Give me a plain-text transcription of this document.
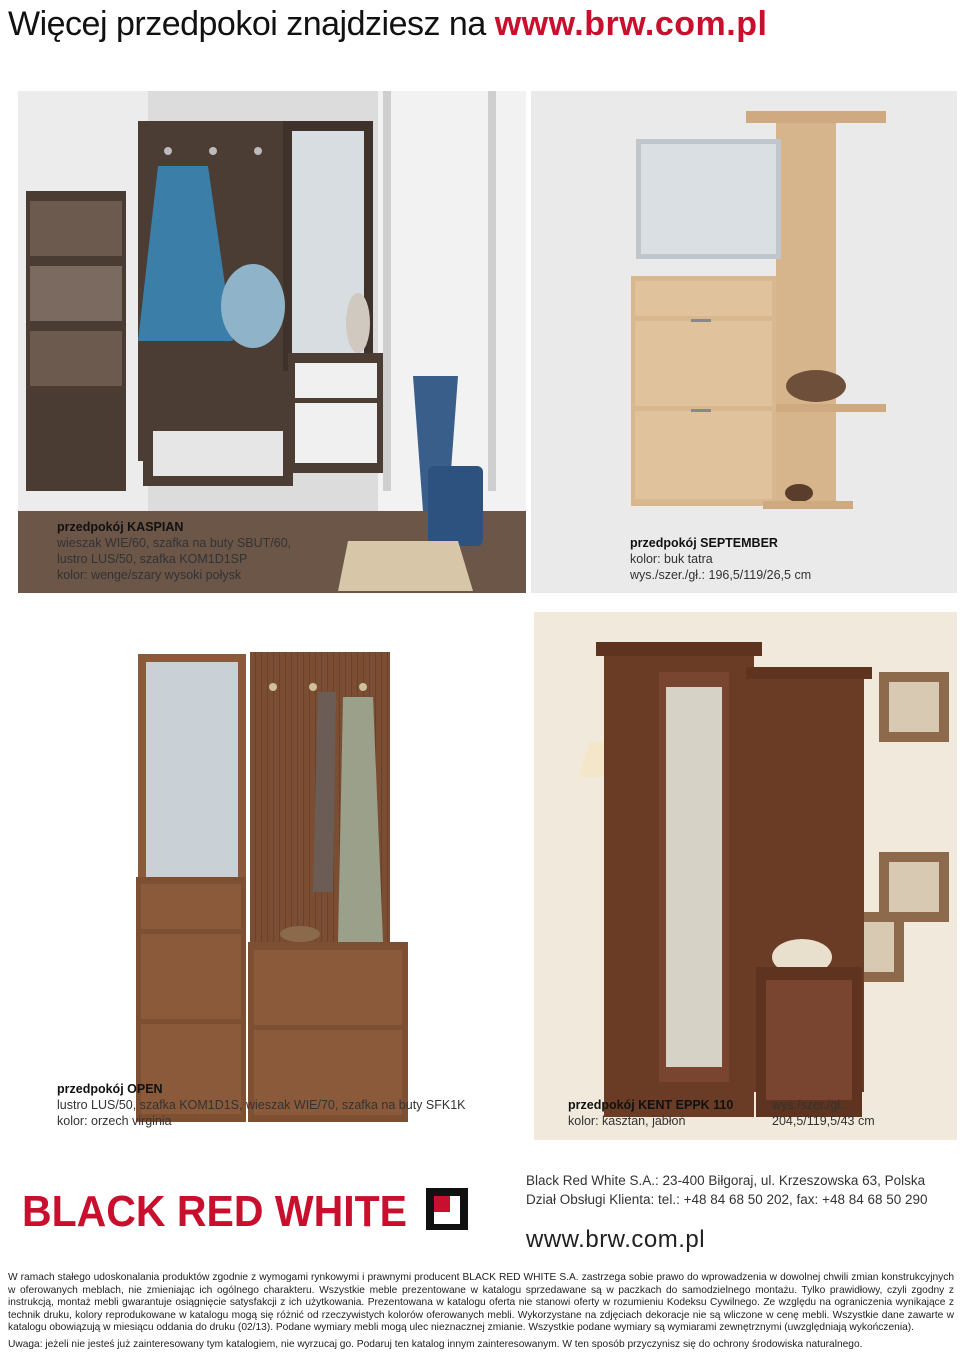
Więcej przedpokoi znajdziesz na www.brw.com.pl
przedpokój KASPIAN
wieszak WIE/60, szafka na buty SBUT/60,
lustro LUS/50, szafka KOM1D1SP
kolor: wenge/szary wysoki połysk
przedpokój SEPTEMBER
kolor: buk tatra
wys./szer./gł.: 196,5/119/26,5 cm
przedpokój OPEN
lustro LUS/50, szafka KOM1D1S, wieszak WIE/70, szafka na buty SFK1K
kolor: orzech virginia
przedpokój KENT EPPK 110
kolor: kasztan, jabłoń
wys./szer./gł.:
204,5/119,5/43 cm
BLACK RED WHITE
Black Red White S.A.: 23-400 Biłgoraj, ul. Krzeszowska 63, Polska
Dział Obsługi Klienta: tel.: +48 84 68 50 202, fax: +48 84 68 50 290
www.brw.com.pl
W ramach stałego udoskonalania produktów zgodnie z wymogami rynkowymi i prawnymi producent BLACK RED WHITE S.A. zastrzega sobie prawo do wprowadzenia w dowolnej chwili zmian konstrukcyjnych w oferowanych meblach, nie zmieniając ich ogólnego charakteru. Wszystkie meble prezentowane w katalogu sprzedawane są w paczkach do samodzielnego montażu. Tylko prawidłowy, czyli zgodny z instrukcją, montaż mebli gwarantuje osiągnięcie satysfakcji z ich użytkowania. Prezentowana w katalogu oferta nie stanowi oferty w rozumieniu Kodeksu Cywilnego. Ze względu na ograniczenia wynikające z technik druku, kolory reprodukowane w katalogu mogą się różnić od rzeczywistych kolorów oferowanych mebli. Wykorzystane na zdjęciach dekoracje nie są wliczone w cenę mebli. Wszystkie dane zawarte w katalogu obowiązują w miesiącu oddania do druku (02/13). Podane wymiary mebli mogą ulec nieznacznej zmianie. Wszystkie podane wymiary są wymiarami zewnętrznymi (uwzględniają wykończenia).
Uwaga: jeżeli nie jesteś już zainteresowany tym katalogiem, nie wyrzucaj go. Podaruj ten katalog innym zainteresowanym. W ten sposób przyczynisz się do ochrony środowiska naturalnego.
